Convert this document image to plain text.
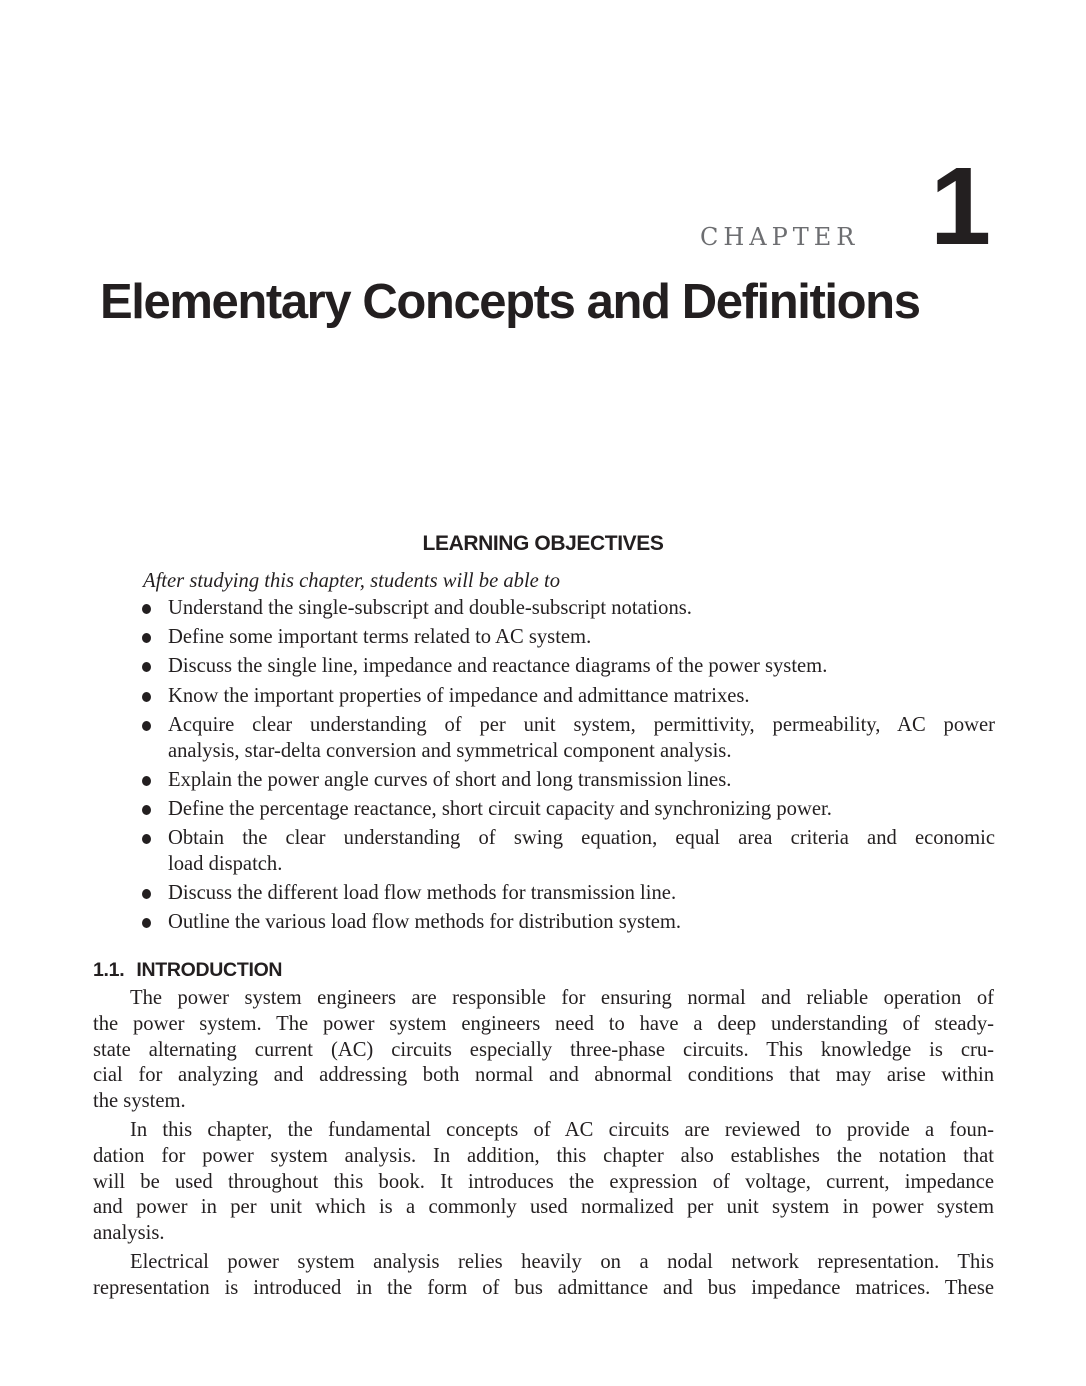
CHAPTER 1
Elementary Concepts and Definitions
LEARNING OBJECTIVES
After studying this chapter, students will be able to
Understand the single-subscript and double-subscript notations.
Define some important terms related to AC system.
Discuss the single line, impedance and reactance diagrams of the power system.
Know the important properties of impedance and admittance matrixes.
Acquire clear understanding of per unit system, permittivity, permeability, AC power
analysis, star-delta conversion and symmetrical component analysis.
Explain the power angle curves of short and long transmission lines.
Define the percentage reactance, short circuit capacity and synchronizing power.
Obtain the clear understanding of swing equation, equal area criteria and economic
load dispatch.
Discuss the different load flow methods for transmission line.
Outline the various load flow methods for distribution system.
1.1. INTRODUCTION
The power system engineers are responsible for ensuring normal and reliable operation of
the power system. The power system engineers need to have a deep understanding of steady-
state alternating current (AC) circuits especially three-phase circuits. This knowledge is cru-
cial for analyzing and addressing both normal and abnormal conditions that may arise within
the system.
In this chapter, the fundamental concepts of AC circuits are reviewed to provide a foun-
dation for power system analysis. In addition, this chapter also establishes the notation that
will be used throughout this book. It introduces the expression of voltage, current, impedance
and power in per unit which is a commonly used normalized per unit system in power system
analysis.
Electrical power system analysis relies heavily on a nodal network representation. This
representation is introduced in the form of bus admittance and bus impedance matrices. These
